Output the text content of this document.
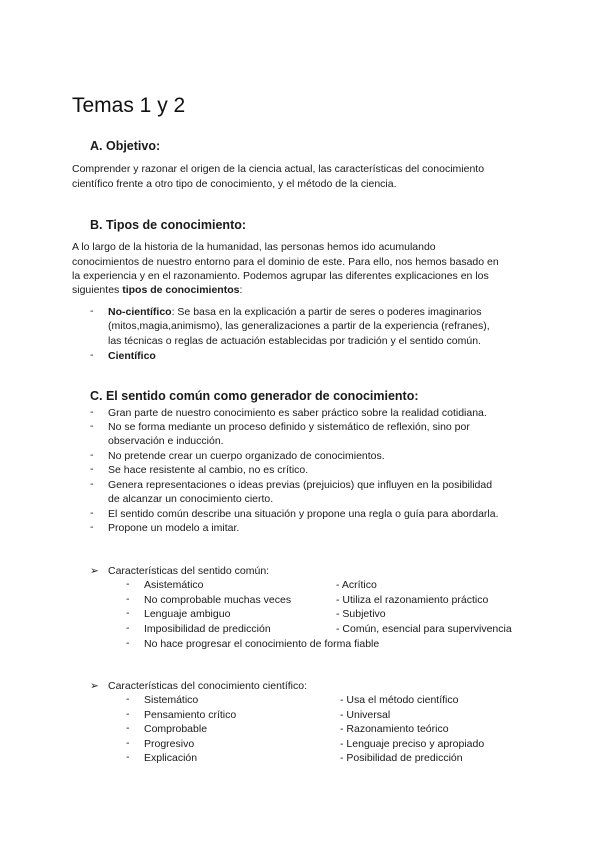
Temas 1 y 2
A. Objetivo:
Comprender y razonar el origen de la ciencia actual, las características del conocimiento
científico frente a otro tipo de conocimiento, y el método de la ciencia.
B. Tipos de conocimiento:
A lo largo de la historia de la humanidad, las personas hemos ido acumulando
conocimientos de nuestro entorno para el dominio de este. Para ello, nos hemos basado en
la experiencia y en el razonamiento. Podemos agrupar las diferentes explicaciones en los
siguientes tipos de conocimientos:
- No-científico: Se basa en la explicación a partir de seres o poderes imaginarios
(mitos,magia,animismo), las generalizaciones a partir de la experiencia (refranes),
las técnicas o reglas de actuación establecidas por tradición y el sentido común.
- Científico
C. El sentido común como generador de conocimiento:
- Gran parte de nuestro conocimiento es saber práctico sobre la realidad cotidiana.
- No se forma mediante un proceso definido y sistemático de reflexión, sino por
observación e inducción.
- No pretende crear un cuerpo organizado de conocimientos.
- Se hace resistente al cambio, no es crítico.
- Genera representaciones o ideas previas (prejuicios) que influyen en la posibilidad
de alcanzar un conocimiento cierto.
- El sentido común describe una situación y propone una regla o guía para abordarla.
- Propone un modelo a imitar.
➢ Características del sentido común:
- Asistemático	- Acrítico
- No comprobable muchas veces	- Utiliza el razonamiento práctico
- Lenguaje ambiguo	- Subjetivo
- Imposibilidad de predicción	- Común, esencial para supervivencia
- No hace progresar el conocimiento de forma fiable
➢ Características del conocimiento científico:
- Sistemático	- Usa el método científico
- Pensamiento crítico	- Universal
- Comprobable	- Razonamiento teórico
- Progresivo	- Lenguaje preciso y apropiado
- Explicación	- Posibilidad de predicción
